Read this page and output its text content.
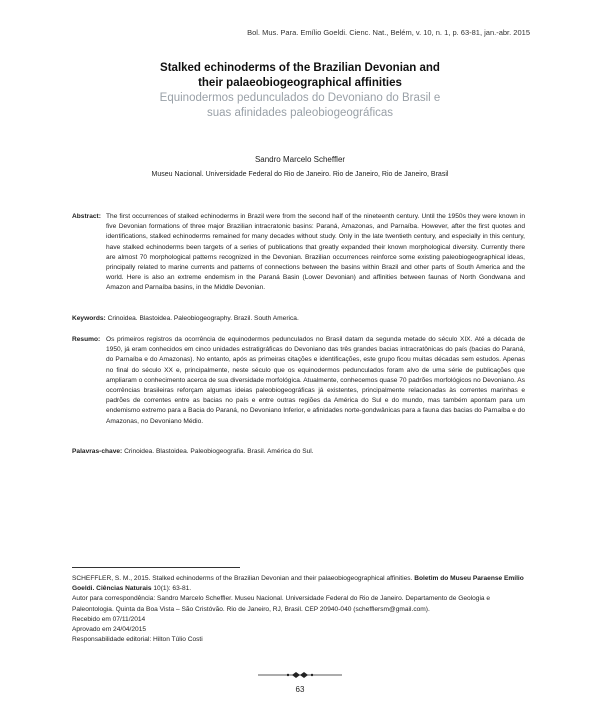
Bol. Mus. Para. Emílio Goeldi. Cienc. Nat., Belém, v. 10, n. 1, p. 63-81, jan.-abr. 2015
Stalked echinoderms of the Brazilian Devonian and
their palaeobiogeographical affinities
Equinodermos pedunculados do Devoniano do Brasil e
suas afinidades paleobiogeográficas
Sandro Marcelo Scheffler
Museu Nacional. Universidade Federal do Rio de Janeiro. Rio de Janeiro, Rio de Janeiro, Brasil
Abstract: The first occurrences of stalked echinoderms in Brazil were from the second half of the nineteenth century. Until the 1950s they were known in five Devonian formations of three major Brazilian intracratonic basins: Paraná, Amazonas, and Parnaíba. However, after the first quotes and identifications, stalked echinoderms remained for many decades without study. Only in the late twentieth century, and especially in this century, have stalked echinoderms been targets of a series of publications that greatly expanded their known morphological diversity. Currently there are almost 70 morphological patterns recognized in the Devonian. Brazilian occurrences reinforce some existing paleobiogeographical ideas, principally related to marine currents and patterns of connections between the basins within Brazil and other parts of South America and the world. Here is also an extreme endemism in the Paraná Basin (Lower Devonian) and affinities between faunas of North Gondwana and Amazon and Parnaíba basins, in the Middle Devonian.
Keywords: Crinoidea. Blastoidea. Paleobiogeography. Brazil. South America.
Resumo: Os primeiros registros da ocorrência de equinodermos pedunculados no Brasil datam da segunda metade do século XIX. Até a década de 1950, já eram conhecidos em cinco unidades estratigráficas do Devoniano das três grandes bacias intracratônicas do país (bacias do Paraná, do Parnaíba e do Amazonas). No entanto, após as primeiras citações e identificações, este grupo ficou muitas décadas sem estudos. Apenas no final do século XX e, principalmente, neste século que os equinodermos pedunculados foram alvo de uma série de publicações que ampliaram o conhecimento acerca de sua diversidade morfológica. Atualmente, conhecemos quase 70 padrões morfológicos no Devoniano. As ocorrências brasileiras reforçam algumas ideias paleobiogeográficas já existentes, principalmente relacionadas às correntes marinhas e padrões de correntes entre as bacias no país e entre outras regiões da América do Sul e do mundo, mas também apontam para um endemismo extremo para a Bacia do Paraná, no Devoniano Inferior, e afinidades norte-gondwânicas para a fauna das bacias do Parnaíba e do Amazonas, no Devoniano Médio.
Palavras-chave: Crinoidea. Blastoidea. Paleobiogeografia. Brasil. América do Sul.
SCHEFFLER, S. M., 2015. Stalked echinoderms of the Brazilian Devonian and their palaeobiogeographical affinities. Boletim do Museu Paraense Emílio Goeldi. Ciências Naturais 10(1): 63-81.
Autor para correspondência: Sandro Marcelo Scheffler. Museu Nacional. Universidade Federal do Rio de Janeiro. Departamento de Geologia e Paleontologia. Quinta da Boa Vista – São Cristóvão. Rio de Janeiro, RJ, Brasil. CEP 20940-040 (schefflersm@gmail.com).
Recebido em 07/11/2014
Aprovado em 24/04/2015
Responsabilidade editorial: Hilton Túlio Costi
63
